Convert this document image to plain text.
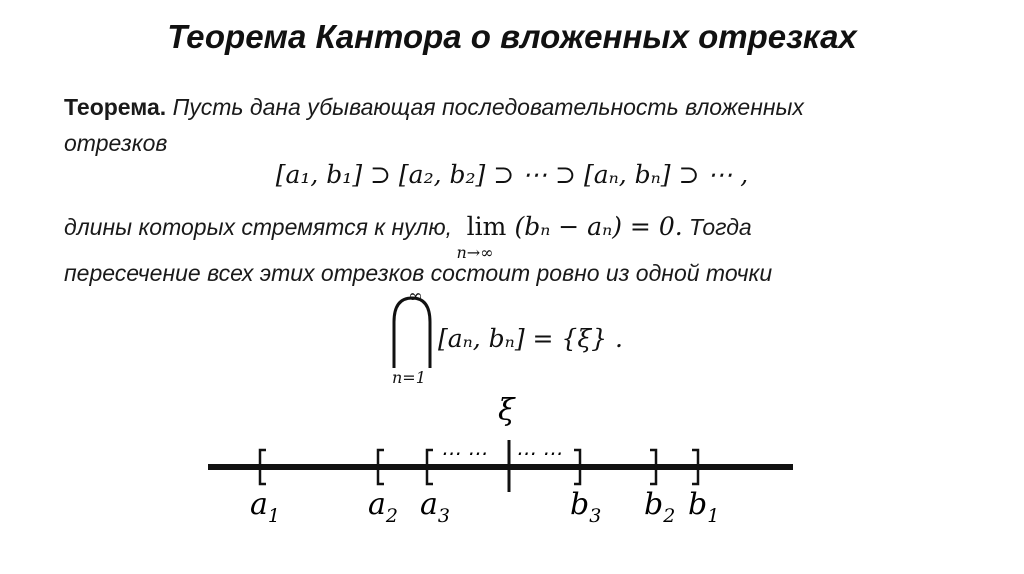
Теорема Кантора о вложенных отрезках
Теорема. Пусть дана убывающая последовательность вложенных
отрезков
[a₁, b₁] ⊃ [a₂, b₂] ⊃ ⋯ ⊃ [aₙ, bₙ] ⊃ ⋯ ,
длины которых стремятся к нулю, lim
n→∞
(bₙ − aₙ) = 0. Тогда
пересечение всех этих отрезков состоит ровно из одной точки
∞
n=1
[aₙ, bₙ] = {ξ} .
ξ
⋯ ⋯ ⋯ ⋯
$a_1$	$a_2$ $a_3$	$b_3$ $b_2$ $b_1$
